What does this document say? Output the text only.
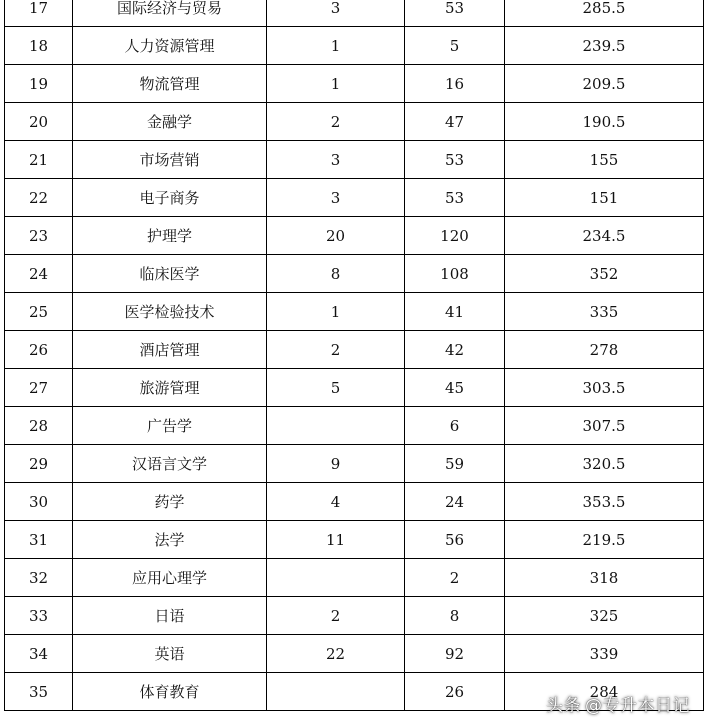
17	国际经济与贸易	3	53	285.5
18	人力资源管理	1	5	239.5
19	物流管理	1	16	209.5
20	金融学	2	47	190.5
21	市场营销	3	53	155
22	电子商务	3	53	151
23	护理学	20	120	234.5
24	临床医学	8	108	352
25	医学检验技术	1	41	335
26	酒店管理	2	42	278
27	旅游管理	5	45	303.5
28	广告学		6	307.5
29	汉语言文学	9	59	320.5
30	药学	4	24	353.5
31	法学	11	56	219.5
32	应用心理学		2	318
33	日语	2	8	325
34	英语	22	92	339
35	体育教育		26	284
头条 @专升本日记
